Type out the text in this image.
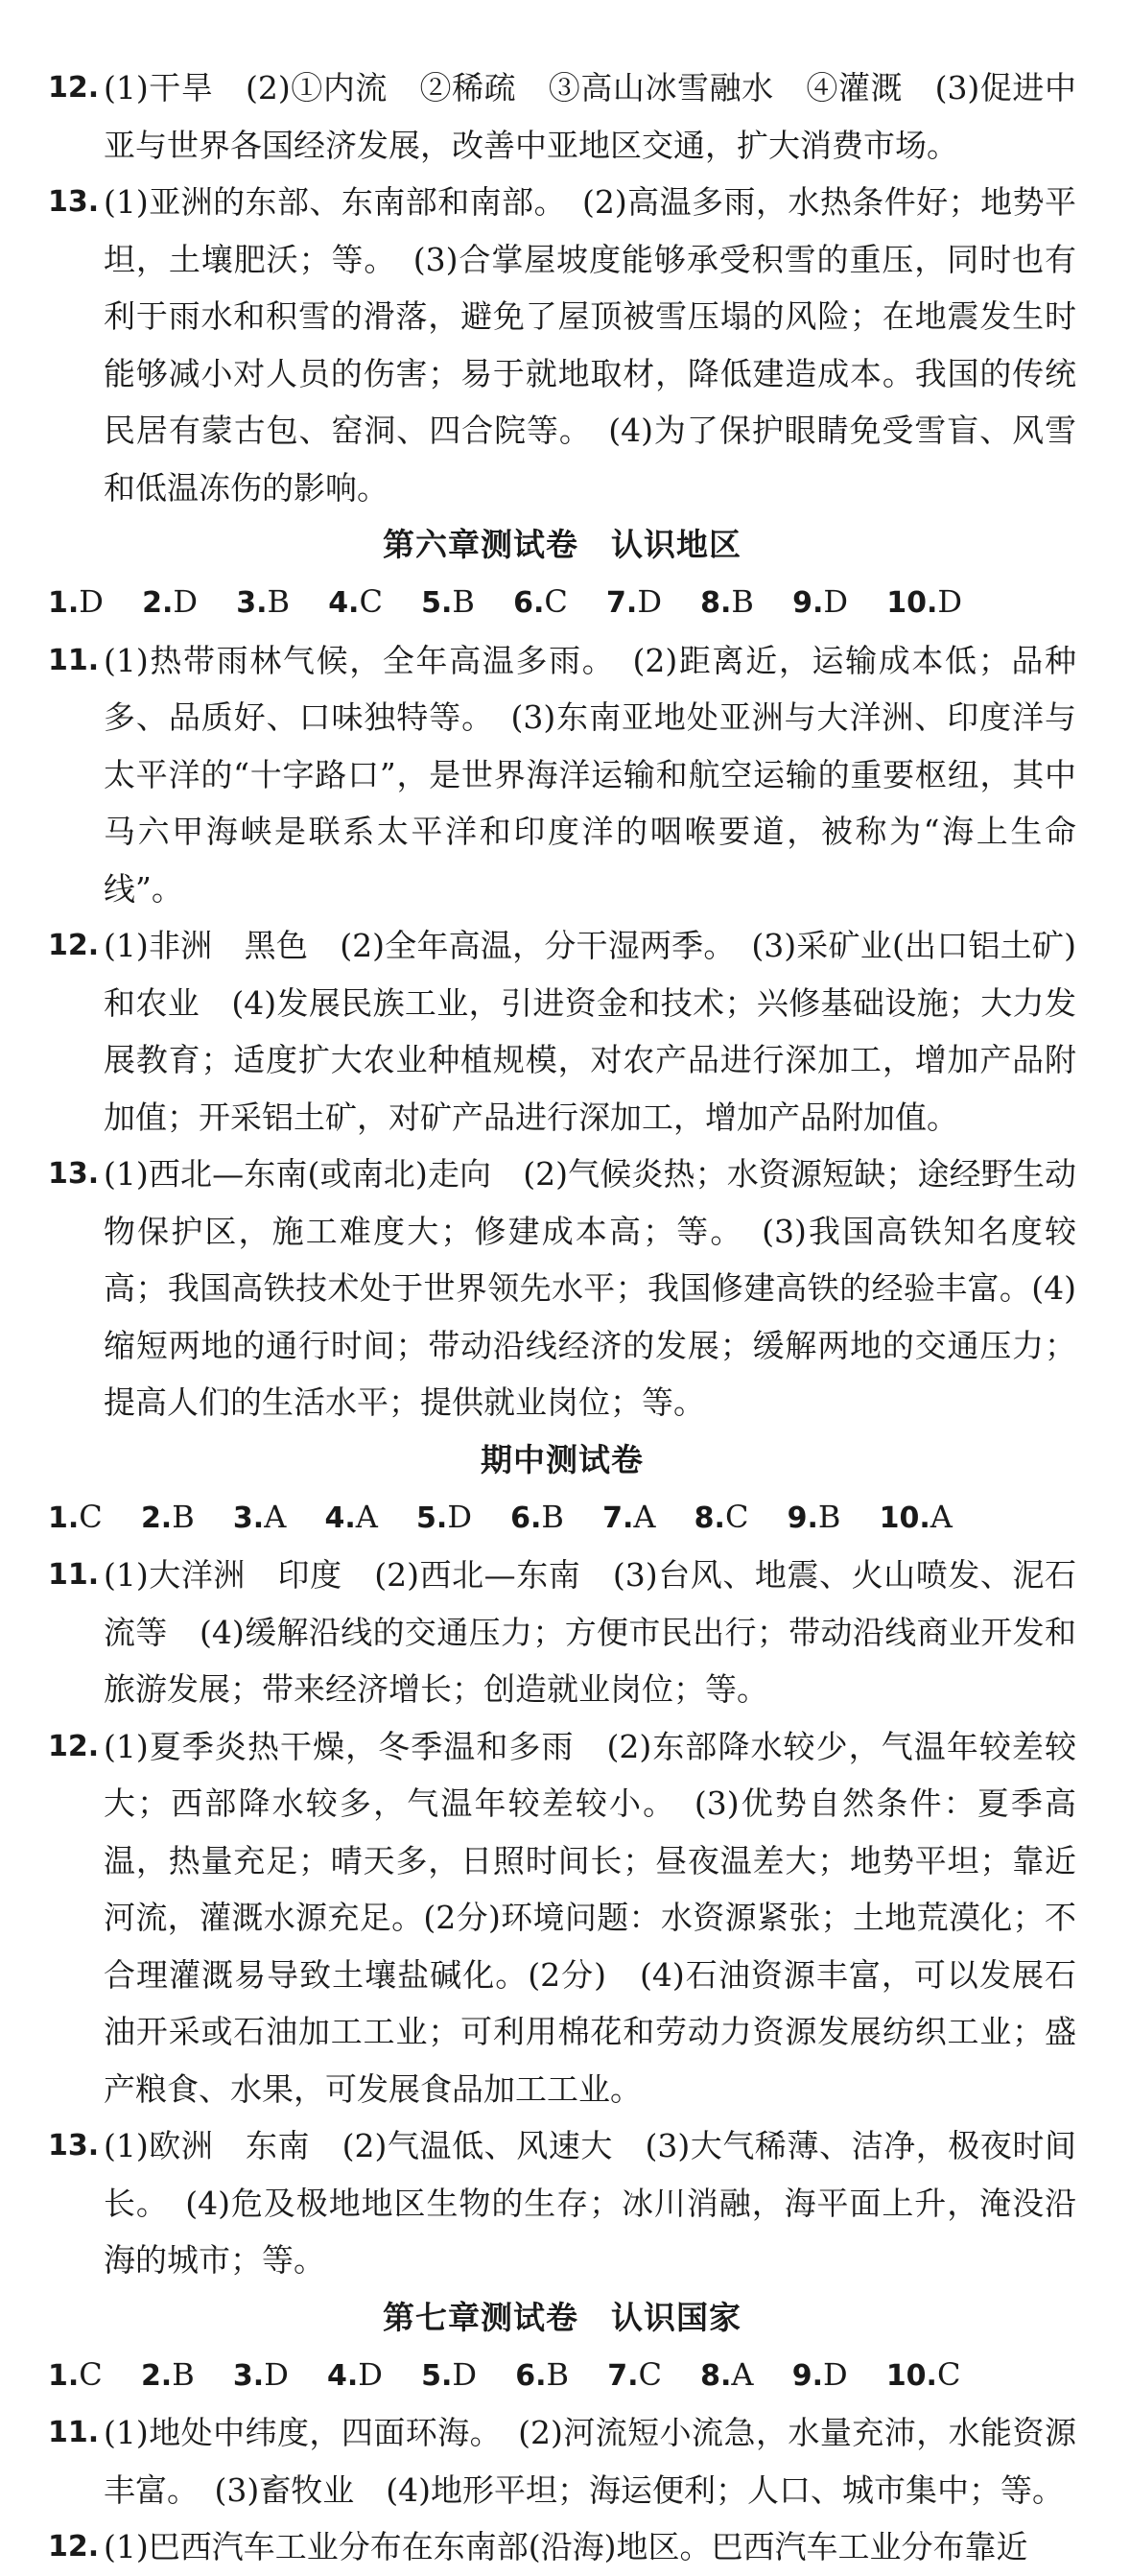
12. (1)干旱　(2)①内流　②稀疏　③高山冰雪融水　④灌溉　(3)促进中亚与世界各国经济发展，改善中亚地区交通，扩大消费市场。
13. (1)亚洲的东部、东南部和南部。　(2)高温多雨，水热条件好；地势平坦，土壤肥沃；等。　(3)合掌屋坡度能够承受积雪的重压，同时也有利于雨水和积雪的滑落，避免了屋顶被雪压塌的风险；在地震发生时能够减小对人员的伤害；易于就地取材，降低建造成本。我国的传统民居有蒙古包、窑洞、四合院等。　(4)为了保护眼睛免受雪盲、风雪和低温冻伤的影响。
第六章测试卷　认识地区
1.D 2.D 3.B 4.C 5.B 6.C 7.D 8.B 9.D 10.D
11. (1)热带雨林气候，全年高温多雨。　(2)距离近，运输成本低；品种多、品质好、口味独特等。　(3)东南亚地处亚洲与大洋洲、印度洋与太平洋的“十字路口”，是世界海洋运输和航空运输的重要枢纽，其中马六甲海峡是联系太平洋和印度洋的咽喉要道，被称为“海上生命线”。
12. (1)非洲　黑色　(2)全年高温，分干湿两季。　(3)采矿业(出口铝土矿)和农业　(4)发展民族工业，引进资金和技术；兴修基础设施；大力发展教育；适度扩大农业种植规模，对农产品进行深加工，增加产品附加值；开采铝土矿，对矿产品进行深加工，增加产品附加值。
13. (1)西北—东南(或南北)走向　(2)气候炎热；水资源短缺；途经野生动物保护区，施工难度大；修建成本高；等。　(3)我国高铁知名度较高；我国高铁技术处于世界领先水平；我国修建高铁的经验丰富。(4)缩短两地的通行时间；带动沿线经济的发展；缓解两地的交通压力；提高人们的生活水平；提供就业岗位；等。
期中测试卷
1.C 2.B 3.A 4.A 5.D 6.B 7.A 8.C 9.B 10.A
11. (1)大洋洲　印度　(2)西北—东南　(3)台风、地震、火山喷发、泥石流等　(4)缓解沿线的交通压力；方便市民出行；带动沿线商业开发和旅游发展；带来经济增长；创造就业岗位；等。
12. (1)夏季炎热干燥，冬季温和多雨　(2)东部降水较少，气温年较差较大；西部降水较多，气温年较差较小。　(3)优势自然条件：夏季高温，热量充足；晴天多，日照时间长；昼夜温差大；地势平坦；靠近河流，灌溉水源充足。(2分)环境问题：水资源紧张；土地荒漠化；不合理灌溉易导致土壤盐碱化。(2分)　(4)石油资源丰富，可以发展石油开采或石油加工工业；可利用棉花和劳动力资源发展纺织工业；盛产粮食、水果，可发展食品加工工业。
13. (1)欧洲　东南　(2)气温低、风速大　(3)大气稀薄、洁净，极夜时间长。　(4)危及极地地区生物的生存；冰川消融，海平面上升，淹没沿海的城市；等。
第七章测试卷　认识国家
1.C 2.B 3.D 4.D 5.D 6.B 7.C 8.A 9.D 10.C
11. (1)地处中纬度，四面环海。　(2)河流短小流急，水量充沛，水能资源丰富。　(3)畜牧业　(4)地形平坦；海运便利；人口、城市集中；等。
12. (1)巴西汽车工业分布在东南部(沿海)地区。巴西汽车工业分布靠近
